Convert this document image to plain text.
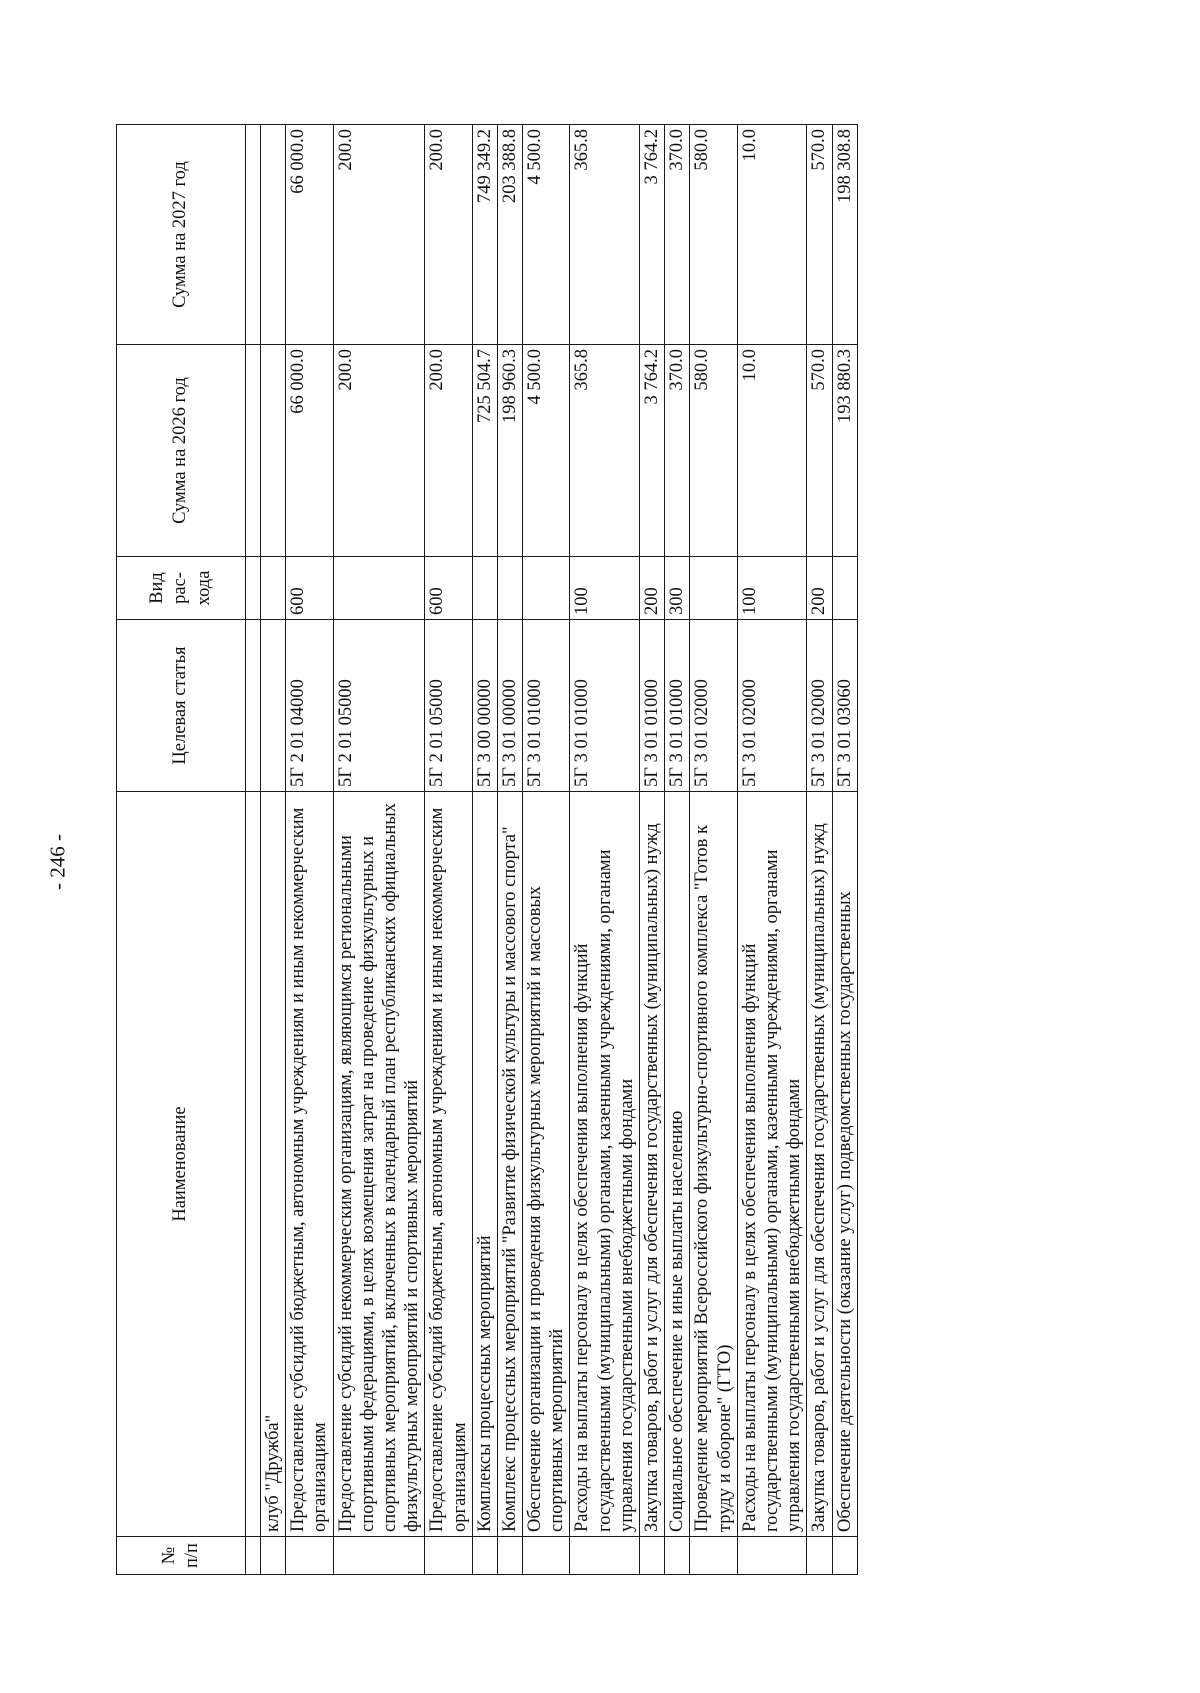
- 246 -
№ п/п	Наименование	Целевая статья	Вид рас-хода	Сумма на 2026 год	Сумма на 2027 год

	клуб "Дружба"				
	Предоставление субсидий бюджетным, автономным учреждениям и иным некоммерческим организациям	5Г 2 01 04000	600	66 000.0	66 000.0
	Предоставление субсидий некоммерческим организациям, являющимся региональными спортивными федерациями, в целях возмещения затрат на проведение физкультурных и спортивных мероприятий, включенных в календарный план республиканских официальных физкультурных мероприятий и спортивных мероприятий	5Г 2 01 05000		200.0	200.0
	Предоставление субсидий бюджетным, автономным учреждениям и иным некоммерческим организациям	5Г 2 01 05000	600	200.0	200.0
	Комплексы процессных мероприятий	5Г 3 00 00000		725 504.7	749 349.2
	Комплекс процессных мероприятий "Развитие физической культуры и массового спорта"	5Г 3 01 00000		198 960.3	203 388.8
	Обеспечение организации и проведения физкультурных мероприятий и массовых спортивных мероприятий	5Г 3 01 01000		4 500.0	4 500.0
	Расходы на выплаты персоналу в целях обеспечения выполнения функций государственными (муниципальными) органами, казенными учреждениями, органами управления государственными внебюджетными фондами	5Г 3 01 01000	100	365.8	365.8
	Закупка товаров, работ и услуг для обеспечения государственных (муниципальных) нужд	5Г 3 01 01000	200	3 764.2	3 764.2
	Социальное обеспечение и иные выплаты населению	5Г 3 01 01000	300	370.0	370.0
	Проведение мероприятий Всероссийского физкультурно-спортивного комплекса "Готов к труду и обороне" (ГТО)	5Г 3 01 02000		580.0	580.0
	Расходы на выплаты персоналу в целях обеспечения выполнения функций государственными (муниципальными) органами, казенными учреждениями, органами управления государственными внебюджетными фондами	5Г 3 01 02000	100	10.0	10.0
	Закупка товаров, работ и услуг для обеспечения государственных (муниципальных) нужд	5Г 3 01 02000	200	570.0	570.0
	Обеспечение деятельности (оказание услуг) подведомственных государственных	5Г 3 01 03060		193 880.3	198 308.8
